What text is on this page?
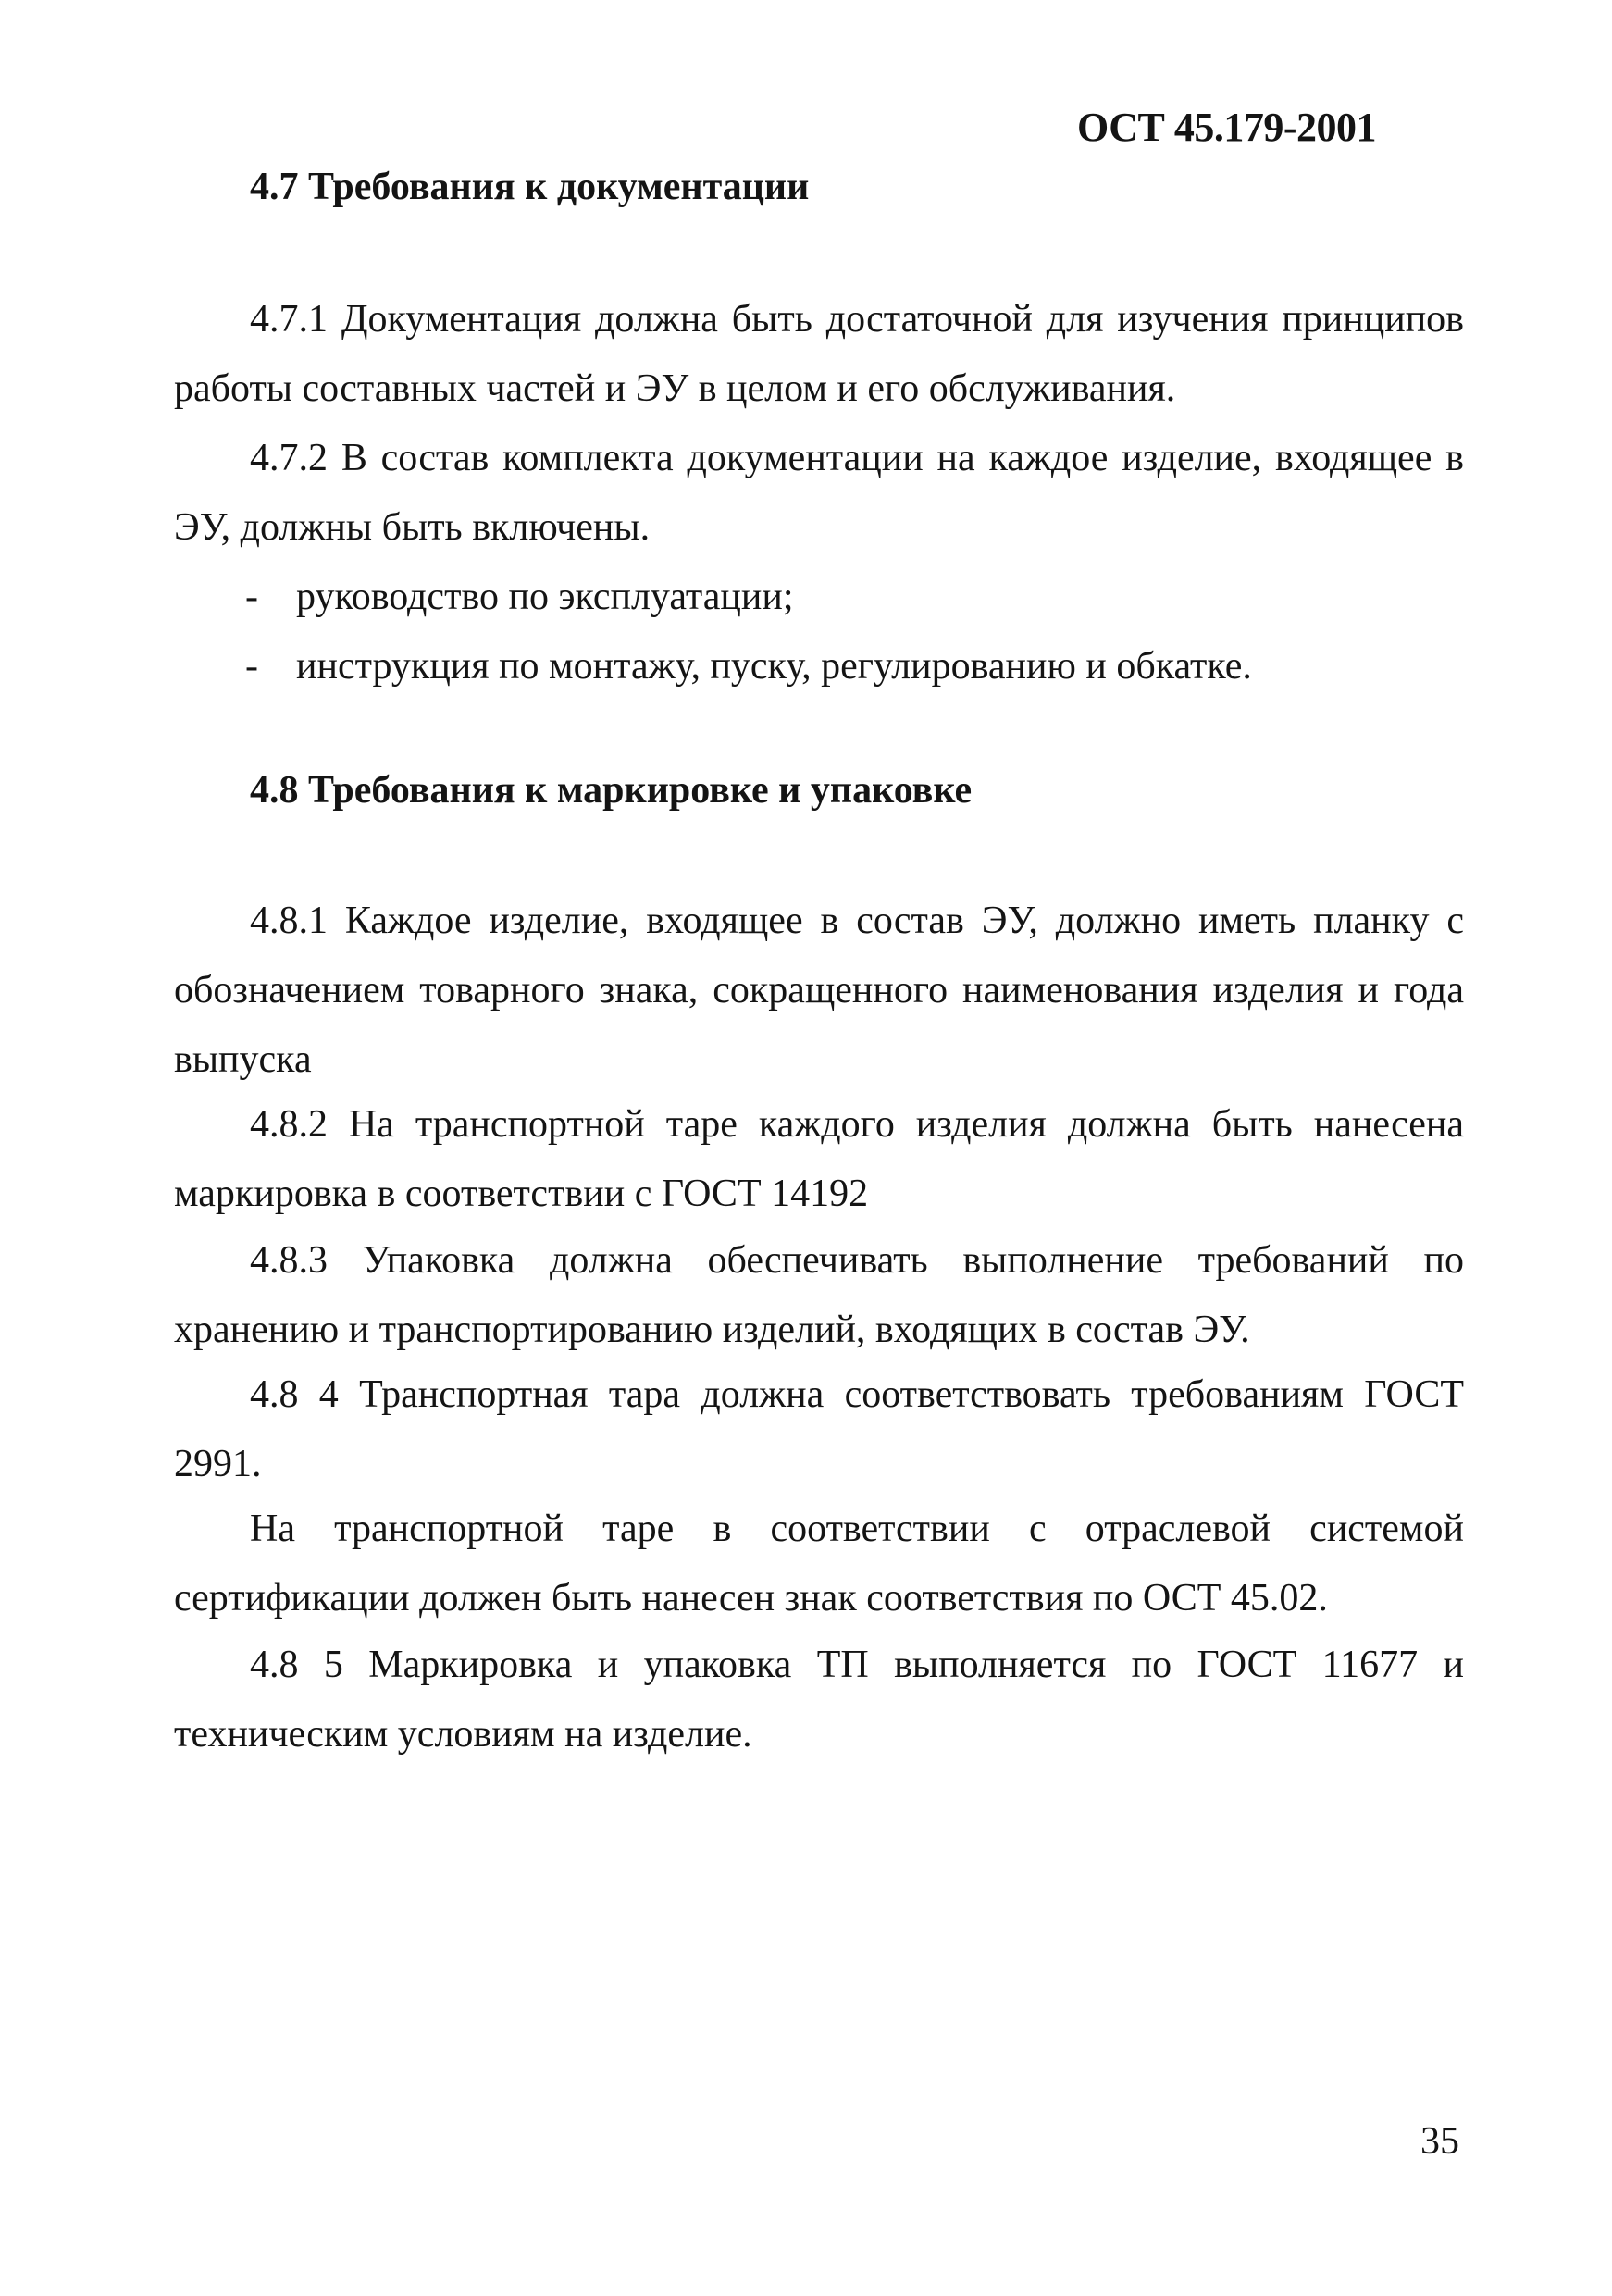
ОСТ 45.179-2001
4.7 Требования к документации

4.7.1 Документация должна быть достаточной для изучения принципов работы составных частей и ЭУ в целом и его обслуживания.

4.7.2 В состав комплекта документации на каждое изделие, входящее в ЭУ, должны быть включены.

- руководство по эксплуатации;
- инструкция по монтажу, пуску, регулированию и обкатке.
4.8 Требования к маркировке и упаковке

4.8.1 Каждое изделие, входящее в состав ЭУ, должно иметь планку с обозначением товарного знака, сокращенного наименования изделия и года выпуска

4.8.2 На транспортной таре каждого изделия должна быть нанесена маркировка в соответствии с ГОСТ 14192

4.8.3 Упаковка должна обеспечивать выполнение требований по хранению и транспортированию изделий, входящих в состав ЭУ.

4.8 4 Транспортная тара должна соответствовать требованиям ГОСТ 2991.

На транспортной таре в соответствии с отраслевой системой сертификации должен быть нанесен знак соответствия по ОСТ 45.02.

4.8 5 Маркировка и упаковка ТП выполняется по ГОСТ 11677 и техническим условиям на изделие.

35
